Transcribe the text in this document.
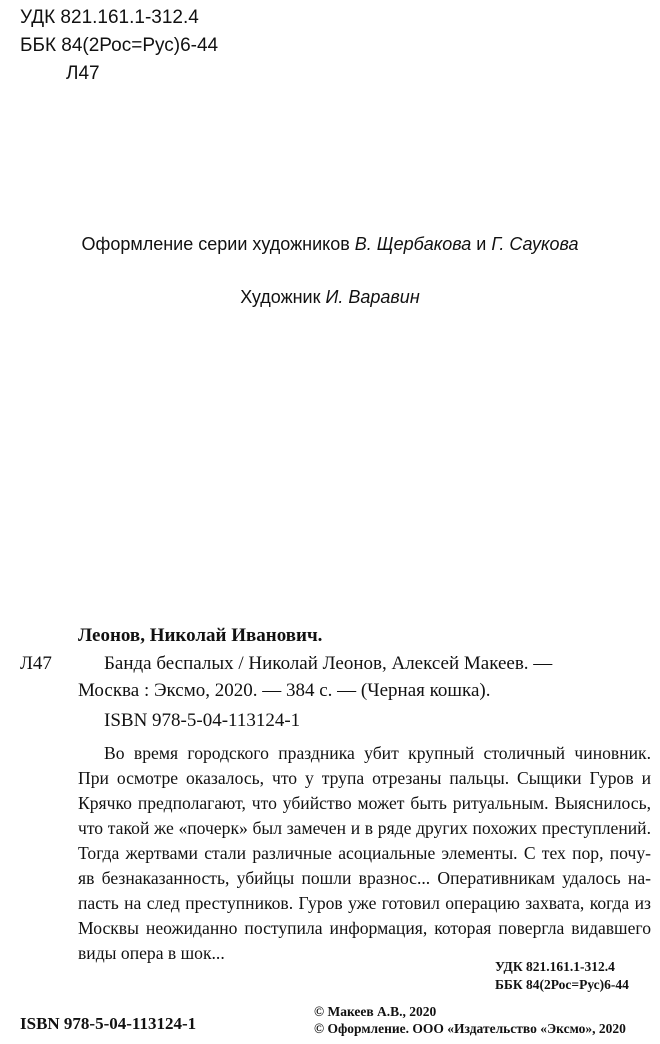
УДК 821.161.1-312.4
ББК 84(2Рос=Рус)6-44
Л47
Оформление серии художников В. Щербакова и Г. Саукова
Художник И. Варавин
Леонов, Николай Иванович.
Л47	Банда беспалых / Николай Леонов, Алексей Макеев. —
Москва : Эксмо, 2020. — 384 с. — (Черная кошка).
ISBN 978-5-04-113124-1
Во время городского праздника убит крупный столичный чиновник.
При осмотре оказалось, что у трупа отрезаны пальцы. Сыщики Гуров и
Крячко предполагают, что убийство может быть ритуальным. Выяснилось,
что такой же «почерк» был замечен и в ряде других похожих преступлений.
Тогда жертвами стали различные асоциальные элементы. С тех пор, почу-
яв безнаказанность, убийцы пошли вразнос... Оперативникам удалось на-
пасть на след преступников. Гуров уже готовил операцию захвата, когда из
Москвы неожиданно поступила информация, которая повергла видавшего
виды опера в шок...
УДК 821.161.1-312.4
ББК 84(2Рос=Рус)6-44
ISBN 978-5-04-113124-1
© Макеев А.В., 2020
© Оформление. ООО «Издательство «Эксмо», 2020
